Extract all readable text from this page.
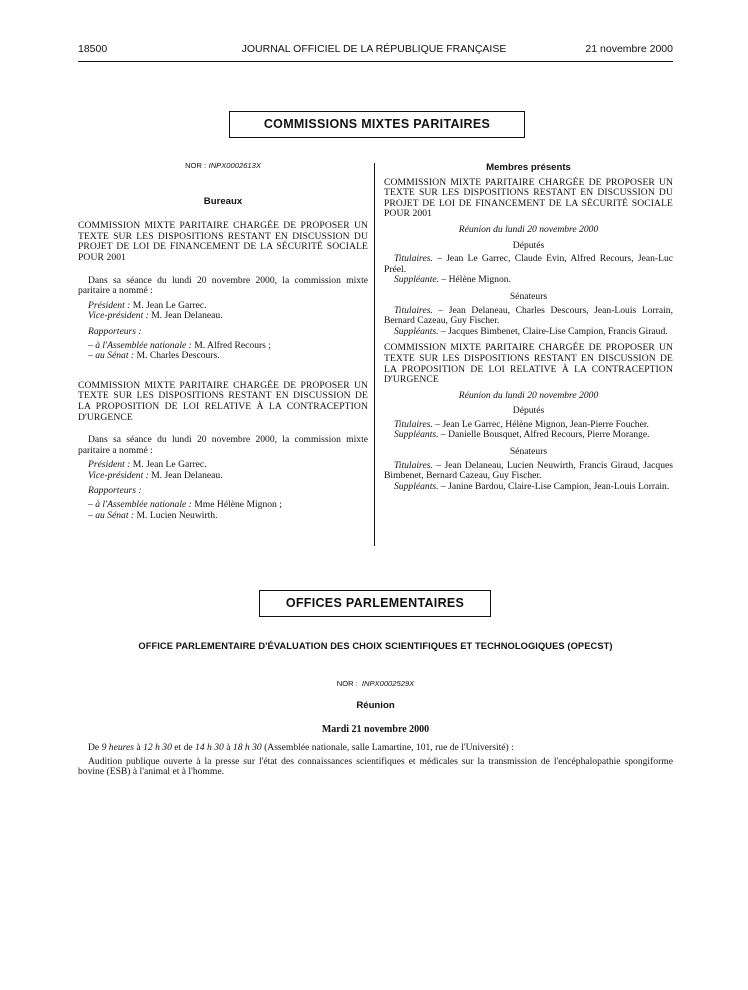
18500	JOURNAL OFFICIEL DE LA RÉPUBLIQUE FRANÇAISE	21 novembre 2000
COMMISSIONS MIXTES PARITAIRES

NOR : INPX0002613X

Bureaux

COMMISSION MIXTE PARITAIRE CHARGÉE DE PROPOSER UN TEXTE SUR LES DISPOSITIONS RESTANT EN DISCUSSION DU PROJET DE LOI DE FINANCEMENT DE LA SÉCURITÉ SOCIALE POUR 2001

Dans sa séance du lundi 20 novembre 2000, la commission mixte paritaire a nommé :

Président : M. Jean Le Garrec.

Vice-président : M. Jean Delaneau.

Rapporteurs :

– à l'Assemblée nationale : M. Alfred Recours ;

– au Sénat : M. Charles Descours.

COMMISSION MIXTE PARITAIRE CHARGÉE DE PROPOSER UN TEXTE SUR LES DISPOSITIONS RESTANT EN DISCUSSION DE LA PROPOSITION DE LOI RELATIVE À LA CONTRACEPTION D'URGENCE

Dans sa séance du lundi 20 novembre 2000, la commission mixte paritaire a nommé :

Président : M. Jean Le Garrec.

Vice-président : M. Jean Delaneau.

Rapporteurs :

– à l'Assemblée nationale : Mme Hélène Mignon ;

– au Sénat : M. Lucien Neuwirth.

Membres présents

COMMISSION MIXTE PARITAIRE CHARGÉE DE PROPOSER UN TEXTE SUR LES DISPOSITIONS RESTANT EN DISCUSSION DU PROJET DE LOI DE FINANCEMENT DE LA SÉCURITÉ SOCIALE POUR 2001

Réunion du lundi 20 novembre 2000

Députés

Titulaires. – Jean Le Garrec, Claude Evin, Alfred Recours, Jean-Luc Préel.

Suppléante. – Hélène Mignon.

Sénateurs

Titulaires. – Jean Delaneau, Charles Descours, Jean-Louis Lorrain, Bernard Cazeau, Guy Fischer.

Suppléants. – Jacques Bimbenet, Claire-Lise Campion, Francis Giraud.

COMMISSION MIXTE PARITAIRE CHARGÉE DE PROPOSER UN TEXTE SUR LES DISPOSITIONS RESTANT EN DISCUSSION DE LA PROPOSITION DE LOI RELATIVE À LA CONTRACEPTION D'URGENCE

Réunion du lundi 20 novembre 2000

Députés

Titulaires. – Jean Le Garrec, Hélène Mignon, Jean-Pierre Foucher.

Suppléants. – Danielle Bousquet, Alfred Recours, Pierre Morange.

Sénateurs

Titulaires. – Jean Delaneau, Lucien Neuwirth, Francis Giraud, Jacques Bimbenet, Bernard Cazeau, Guy Fischer.

Suppléants. – Janine Bardou, Claire-Lise Campion, Jean-Louis Lorrain.

OFFICES PARLEMENTAIRES
OFFICE PARLEMENTAIRE D'ÉVALUATION DES CHOIX SCIENTIFIQUES ET TECHNOLOGIQUES (OPECST)
NOR : INPX0002529X
Réunion
Mardi 21 novembre 2000

De 9 heures à 12 h 30 et de 14 h 30 à 18 h 30 (Assemblée nationale, salle Lamartine, 101, rue de l'Université) :

Audition publique ouverte à la presse sur l'état des connaissances scientifiques et médicales sur la transmission de l'encéphalopathie spongiforme bovine (ESB) à l'animal et à l'homme.
